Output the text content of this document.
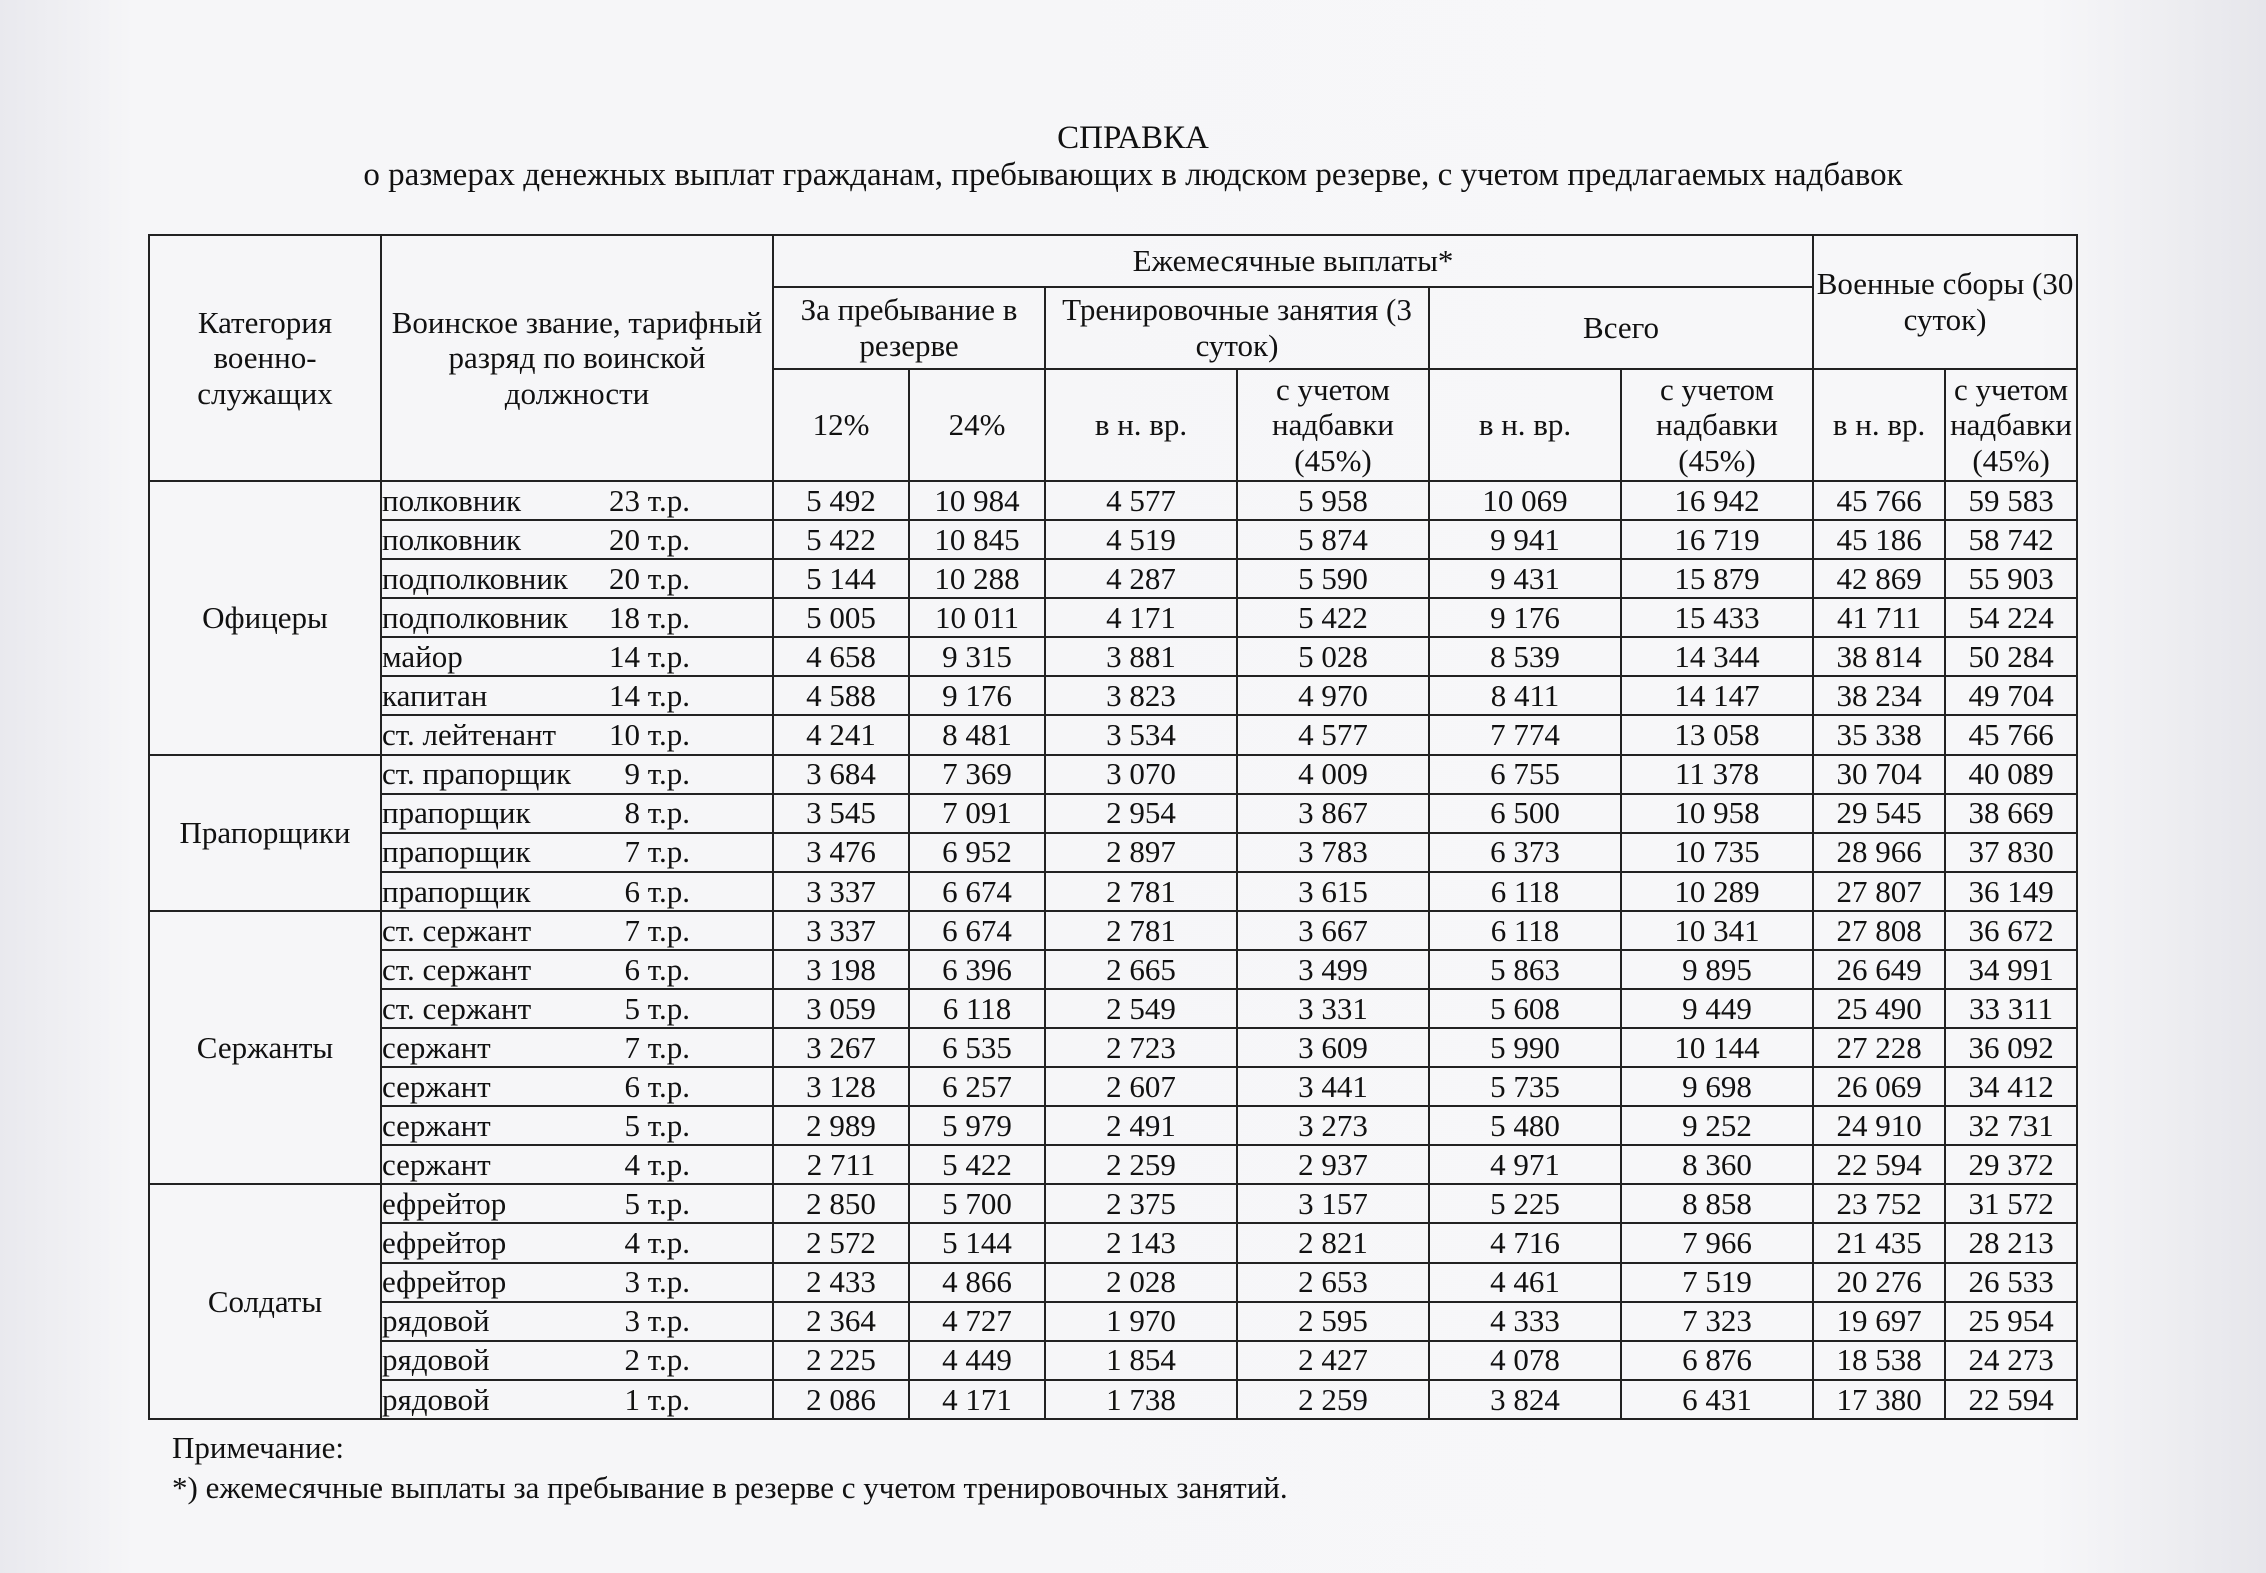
СПРАВКА
о размерах денежных выплат гражданам, пребывающих в людском резерве, с учетом предлагаемых надбавок
Категория военно-служащих	Воинское звание, тарифный разряд по воинской должности	Ежемесячные выплаты*						Военные сборы (30 суток)	
		За пребывание в резерве		Тренировочные занятия (3 суток)		Всего			
		12%	24%	в н. вр.	с учетом надбавки (45%)	в н. вр.	с учетом надбавки (45%)	в н. вр.	с учетом надбавки (45%)
Офицеры	полковник 23 т.р.	5 492	10 984	4 577	5 958	10 069	16 942	45 766	59 583
	полковник 20 т.р.	5 422	10 845	4 519	5 874	9 941	16 719	45 186	58 742
	подполковник 20 т.р.	5 144	10 288	4 287	5 590	9 431	15 879	42 869	55 903
	подполковник 18 т.р.	5 005	10 011	4 171	5 422	9 176	15 433	41 711	54 224
	майор 14 т.р.	4 658	9 315	3 881	5 028	8 539	14 344	38 814	50 284
	капитан 14 т.р.	4 588	9 176	3 823	4 970	8 411	14 147	38 234	49 704
	ст. лейтенант 10 т.р.	4 241	8 481	3 534	4 577	7 774	13 058	35 338	45 766
Прапорщики	ст. прапорщик 9 т.р.	3 684	7 369	3 070	4 009	6 755	11 378	30 704	40 089
	прапорщик 8 т.р.	3 545	7 091	2 954	3 867	6 500	10 958	29 545	38 669
	прапорщик 7 т.р.	3 476	6 952	2 897	3 783	6 373	10 735	28 966	37 830
	прапорщик 6 т.р.	3 337	6 674	2 781	3 615	6 118	10 289	27 807	36 149
Сержанты	ст. сержант 7 т.р.	3 337	6 674	2 781	3 667	6 118	10 341	27 808	36 672
	ст. сержант 6 т.р.	3 198	6 396	2 665	3 499	5 863	9 895	26 649	34 991
	ст. сержант 5 т.р.	3 059	6 118	2 549	3 331	5 608	9 449	25 490	33 311
	сержант 7 т.р.	3 267	6 535	2 723	3 609	5 990	10 144	27 228	36 092
	сержант 6 т.р.	3 128	6 257	2 607	3 441	5 735	9 698	26 069	34 412
	сержант 5 т.р.	2 989	5 979	2 491	3 273	5 480	9 252	24 910	32 731
	сержант 4 т.р.	2 711	5 422	2 259	2 937	4 971	8 360	22 594	29 372
Солдаты	ефрейтор 5 т.р.	2 850	5 700	2 375	3 157	5 225	8 858	23 752	31 572
	ефрейтор 4 т.р.	2 572	5 144	2 143	2 821	4 716	7 966	21 435	28 213
	ефрейтор 3 т.р.	2 433	4 866	2 028	2 653	4 461	7 519	20 276	26 533
	рядовой 3 т.р.	2 364	4 727	1 970	2 595	4 333	7 323	19 697	25 954
	рядовой 2 т.р.	2 225	4 449	1 854	2 427	4 078	6 876	18 538	24 273
	рядовой 1 т.р.	2 086	4 171	1 738	2 259	3 824	6 431	17 380	22 594
Примечание:
*) ежемесячные выплаты за пребывание в резерве с учетом тренировочных занятий.
